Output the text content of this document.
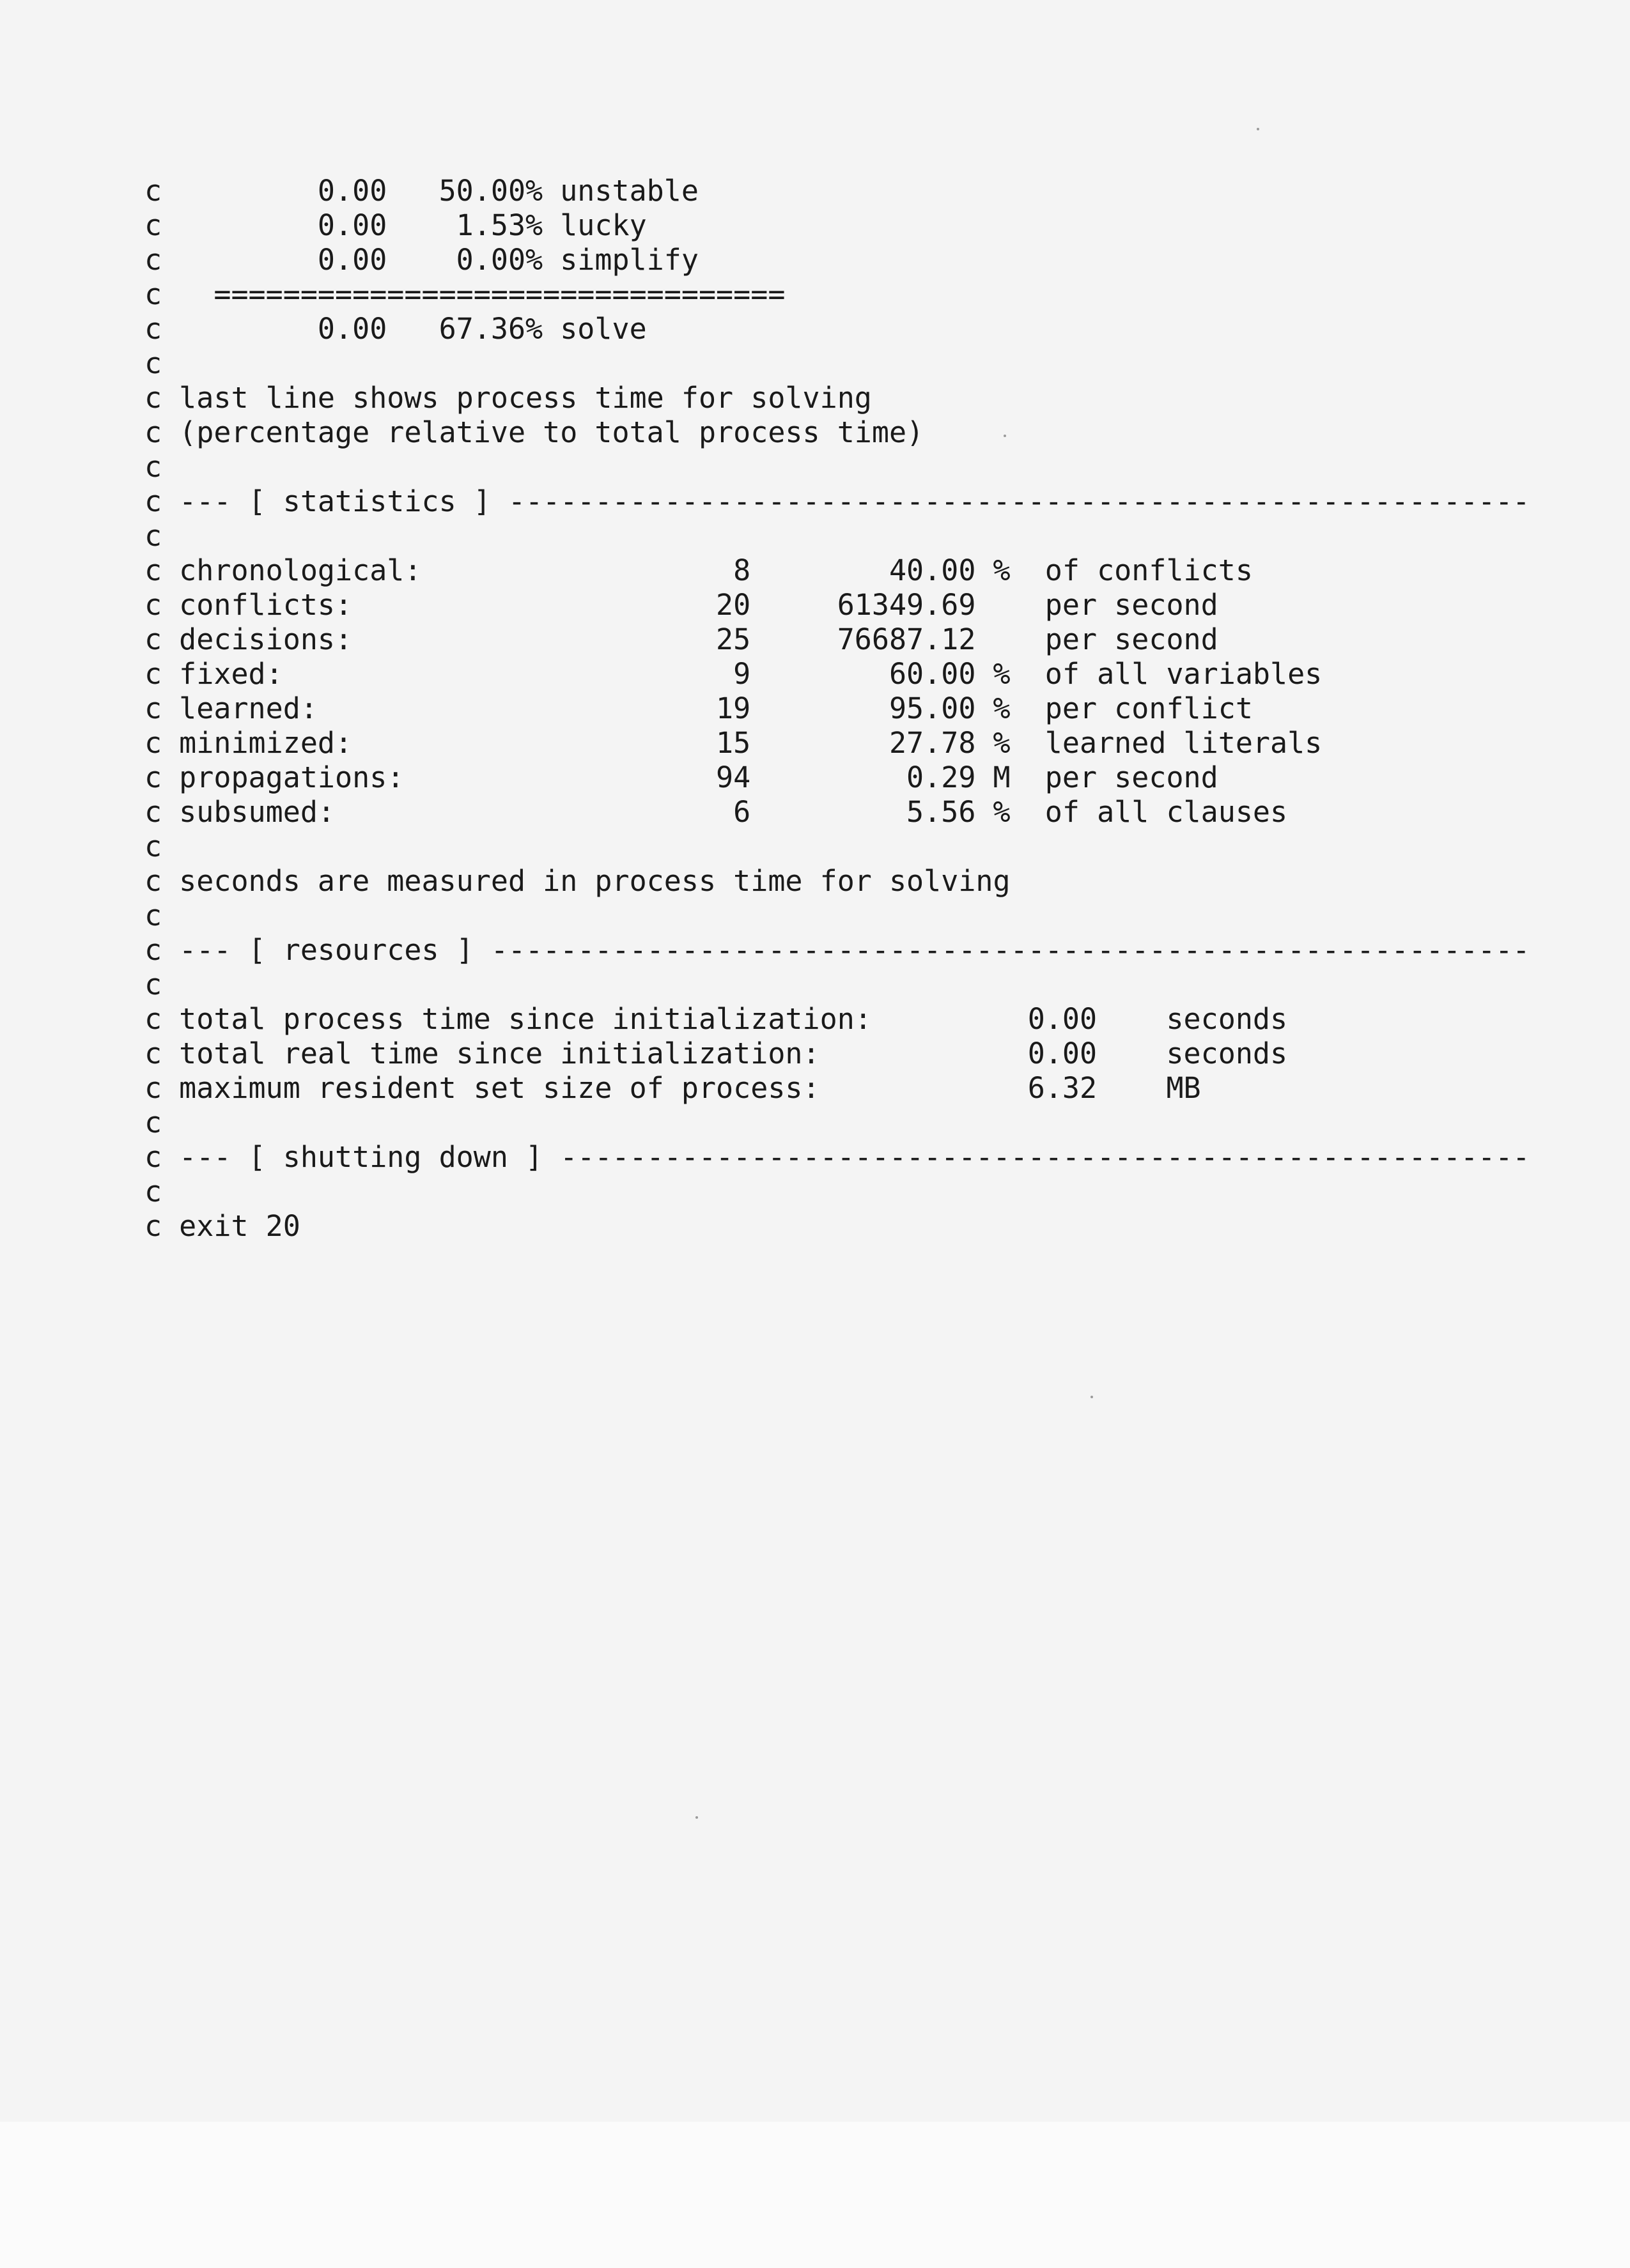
c         0.00   50.00% unstable
c         0.00    1.53% lucky
c         0.00    0.00% simplify
c   =================================
c         0.00   67.36% solve
c
c last line shows process time for solving
c (percentage relative to total process time)
c
c --- [ statistics ] -----------------------------------------------------------
c
c chronological:                  8        40.00 %  of conflicts
c conflicts:                     20     61349.69    per second
c decisions:                     25     76687.12    per second
c fixed:                          9        60.00 %  of all variables
c learned:                       19        95.00 %  per conflict
c minimized:                     15        27.78 %  learned literals
c propagations:                  94         0.29 M  per second
c subsumed:                       6         5.56 %  of all clauses
c
c seconds are measured in process time for solving
c
c --- [ resources ] ------------------------------------------------------------
c
c total process time since initialization:         0.00    seconds
c total real time since initialization:            0.00    seconds
c maximum resident set size of process:            6.32    MB
c
c --- [ shutting down ] --------------------------------------------------------
c
c exit 20
